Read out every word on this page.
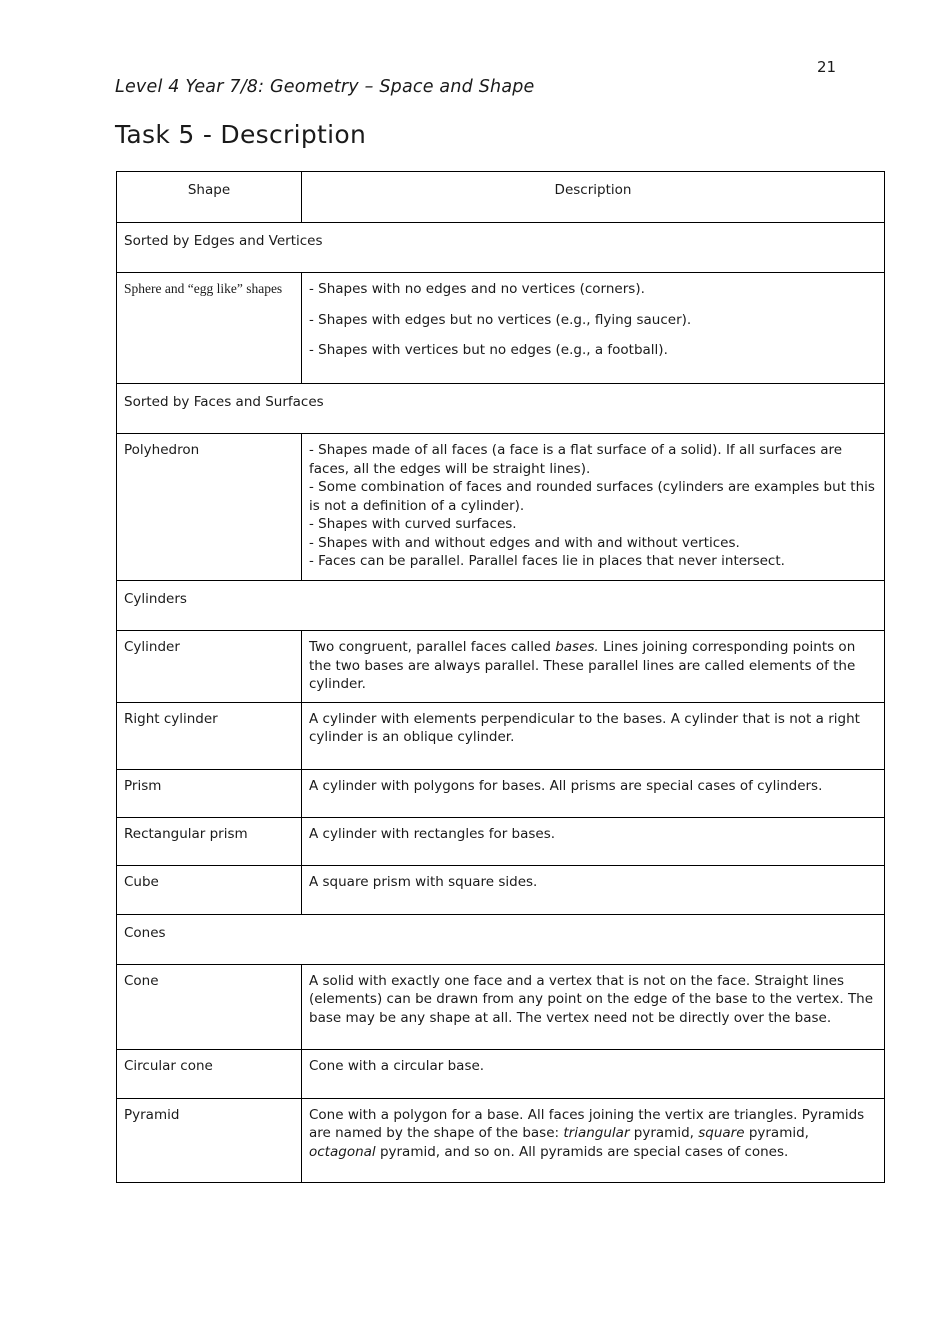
21
Level 4 Year 7/8: Geometry – Space and Shape
Task 5 - Description
Shape	Description
Sorted by Edges and Vertices	
Sphere and “egg like” shapes	- Shapes with no edges and no vertices (corners).
- Shapes with edges but no vertices (e.g., flying saucer).
- Shapes with vertices but no edges (e.g., a football).

Sorted by Faces and Surfaces	
Polyhedron	- Shapes made of all faces (a face is a flat surface of a solid). If all surfaces are faces, all the edges will be straight lines).
- Some combination of faces and rounded surfaces (cylinders are examples but this is not a definition of a cylinder).
- Shapes with curved surfaces.
- Shapes with and without edges and with and without vertices.
- Faces can be parallel. Parallel faces lie in places that never intersect.

Cylinders	
Cylinder	Two congruent, parallel faces called bases. Lines joining corresponding points on the two bases are always parallel. These parallel lines are called elements of the cylinder.
Right cylinder	A cylinder with elements perpendicular to the bases. A cylinder that is not a right cylinder is an oblique cylinder.
Prism	A cylinder with polygons for bases. All prisms are special cases of cylinders.
Rectangular prism	A cylinder with rectangles for bases.
Cube	A square prism with square sides.
Cones	
Cone	A solid with exactly one face and a vertex that is not on the face. Straight lines (elements) can be drawn from any point on the edge of the base to the vertex. The base may be any shape at all. The vertex need not be directly over the base.
Circular cone	Cone with a circular base.
Pyramid	Cone with a polygon for a base. All faces joining the vertix are triangles. Pyramids are named by the shape of the base: triangular pyramid, square pyramid, octagonal pyramid, and so on. All pyramids are special cases of cones.
